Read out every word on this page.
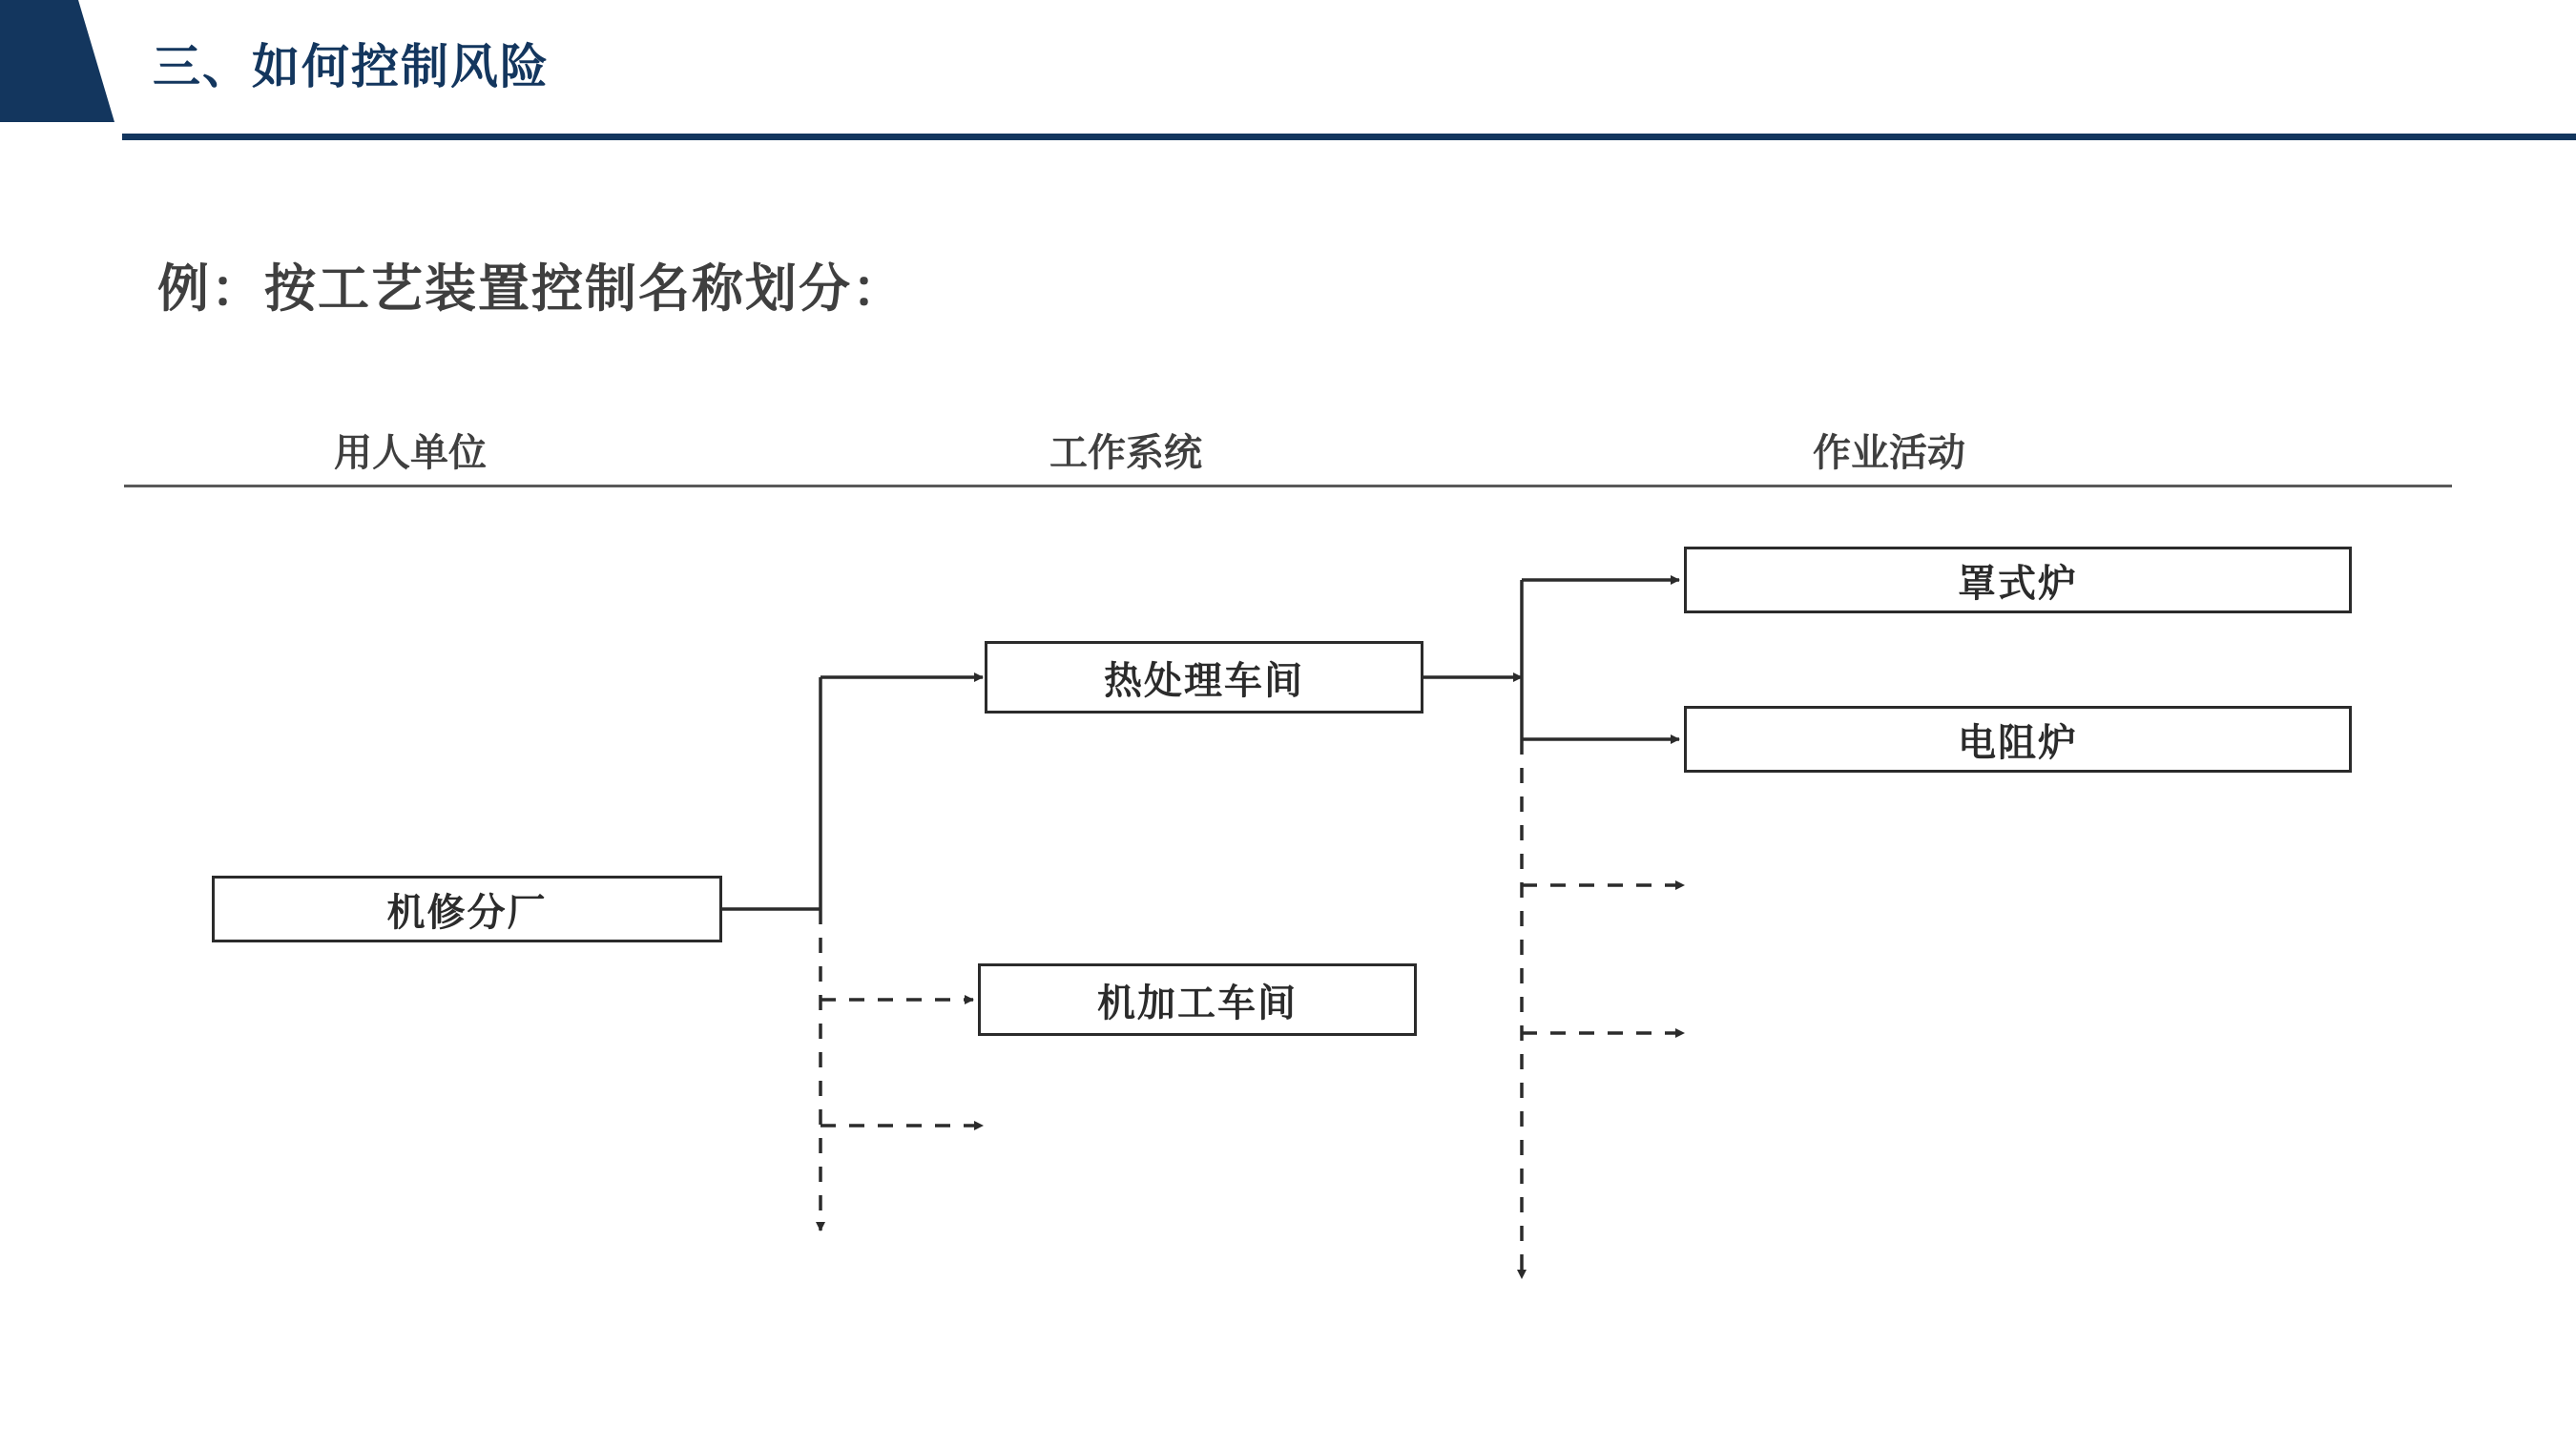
三、如何控制风险
例：按工艺装置控制名称划分：
用人单位	工作系统	作业活动
机修分厂
热处理车间
机加工车间
罩式炉
电阻炉
